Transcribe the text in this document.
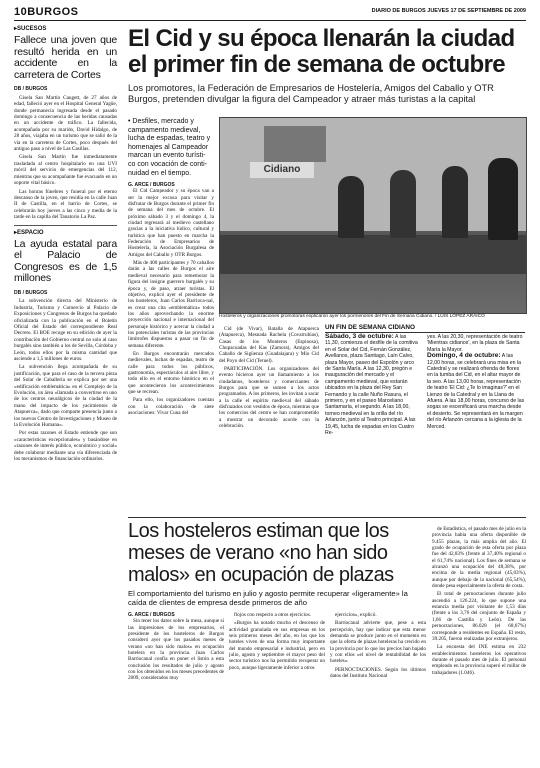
10BURGOS	DIARIO DE BURGOS JUEVES 17 DE SEPTIEMBRE DE 2009
▸ SUCESOS
Fallece una joven que resultó herida en un accidente en la carretera de Cortes
DB / BURGOS

Gisela San Martín Caugett, de 27 años de edad, falleció ayer en el Hospital General Yagüe, donde permanecía ingresada desde el pasado domingo a consecuencia de las heridas causadas en un accidente de tráfico. La fallecida, acompañada por su marido, David Hidalgo, de 28 años, viajaba en un turismo que se salió de la vía en la carretera de Cortes, poco después del antiguo paso a nivel de Las Casillas.

Gisela San Martín fue inmediatamente trasladada al centro hospitalario en una UVI móvil del servicio de emergencias del 112, mientras que su acompañante fue evacuado en un soporte vital básico.

Las honras fúnebres y funeral por el eterno descanso de la joven, que residía en la calle Juan II de Castilla, en el barrio de Cortes, se celebrarán hoy jueves a las cinco y media de la tarde en la capilla del Tanatorio La Paz.

▸ ESPACIO
La ayuda estatal para el Palacio de Congresos es de 1,5 millones
DB / BURGOS

La subvención directa del Ministerio de Industria, Turismo y Comercio al Palacio de Exposiciones y Congresos de Burgos ha quedado oficializada con la publicación en el Boletín Oficial del Estado del correspondiente Real Decreto. El BOE recoge en su edición de ayer la contribución del Gobierno central no solo al caso burgalés sino también a los de Sevilla, Córdoba y León, todos ellos por la misma cantidad que asciende a 1,5 millones de euros.

La subvención llega acompañada de su justificación, que para el caso de la tercera pieza del Solar de Caballería se explica por ser una «edificación emblemática» en el Complejo de la Evolución, un área «llamada a convertirse en uno de los centros neurálgicos de la ciudad de la mano del impacto de los yacimientos de Atapuerca», dado que comparte presencia junto a los nuevos Centro de Investigaciones y Museo de la Evolución Humana».

Por estas razones el Estado entiende que son «características excepcionales» y basándose en «razones de interés público, económico y social» debe colaborar mediante una vía diferenciada de los mecanismos de financiación ordinarios.

El Cid y su época llenarán la ciudad el primer fin de semana de octubre
Los promotores, la Federación de Empresarios de Hostelería, Amigos del Caballo y OTR Burgos, pretenden divulgar la figura del Campeador y atraer más turistas a la capital
• Desfiles, mercado y
campamento medieval,
lucha de espadas, teatro y
homenajes al Campeador
marcan un evento turísti-
co con vocación de conti-
nuidad en el tiempo.
G. ARCE / BURGOS

El Cid Campeador y su época van a ser la mejor excusa para visitar y disfrutar de Burgos durante el primer fin de semana del mes de octubre. El próximo sábado 3 y el domingo 4, la ciudad regresará al medievo castellano gracias a la iniciativa lúdico, cultural y turística que han puesto en marcha la Federación de Empresarios de Hostelería, la Asociación Burgalesa de Amigos del Caballo y OTR Burgos.

Más de 400 participantes y 70 caballos darán a las calles de Burgos el aire medieval necesario para rememorar la figura del insigne guerrero burgalés y su época y, de paso, atraer turistas. El objetivo, explicó ayer el presidente de los hosteleros, Juan Carlos Barrioca-nal, es crear una cita «emblemática» todos los años aprovechando la enorme proyección nacional e internacional del personaje histórico y acercar la ciudad a los potenciales turistas de las provincias limítrofes dispuestos a pasar un fin de semana diferente.

En Burgos encontrarán mercados medievales, luchas de espadas, teatro de calle para todos los públicos, gastronomía, espectáculos al aire libre, y todo ello en el entorno histórico en el que acontecieron los acontecimientos que se recrean.

Para ello, los organizadores cuentan con la colaboración de siete asociaciones: Vivar Cuna del

Cidiano
Hosteleros y organizaciones promotoras explicaron ayer los pormenores del Fin de Semana Cidiano. / LUIS LÓPEZ ARAICO

Cid (de Vivar), Batalla de Atapuerca (Atapuerca), Mesnada Rachela (Covarrubias), Casas de los Monteros (Espinosa), Chupacuadas del Kas (Zamora), Amigos del Caballo de Sigüenza (Guadalajara) y Mio Cid del Poyo del Cid (Teruel).

PARTICIPACIÓN. Los organizadores del evento hicieron ayer un llamamiento a los ciudadanos, hosteleros y comerciantes de Burgos para que se sumen a los actos programados. A los primeros, les invitan a sacar a la calle el espíritu medieval del sábado disfrazados con vestidos de época, mientras que los comercios del centro se han comprometido a mostrar un decorado acorde con la celebración.

UN FIN DE SEMANA CIDIANO
Sábado, 3 de octubre: A las 11,30, comienza el desfile de la comitiva en el Solar del Cid, Fernán González, Avellanos, plaza Santiago, Laín Calvo, plaza Mayor, paseo del Espolón y arco de Santa María. A las 12,30, pregón e inauguración del mercado y el campamento medieval, que estarán ubicados en la plaza del Rey San Fernando y la calle Nuño Rasura, el primero, y en el paseo Marceliano Santamaría, el segundo. A las 18,00, torneo medieval en la orilla del río Arlanzón, junto al Teatro principal. A las 19,45, lucha de espadas en los Cuatro Re-
yes. A las 20,30, representación de teatro 'Mientras cidianos', en la plaza de Santa María la Mayor.
Domingo, 4 de octubre: A las 12,00 horas, se celebrará una misa en la Catedral y se realizará ofrenda de flores en la tumba del Cid, en el altar mayor de la seo. A las 13,00 horas, representación de teatro 'El Cid: ¿Te lo imaginas?' en el Lienzo de la Catedral y en la Llana de Afuera. A las 18,00 horas, concurso de las sogas se escenificará una marcha desde el desierto. Se representará en la margen del río Arlanzón cercana a la iglesia de la Merced.
Los hosteleros estiman que los meses de verano «no han sido malos» en ocupación de plazas
El comportamiento del turismo en julio y agosto permite recuperar «ligeramente» la caída de clientes de empresa desde primeros de año
G. ARCE / BURGOS

Sin tener los datos sobre la mesa, aunque sí las impresiones de los empresarios, el presidente de los hosteleros de Burgos consideró ayer que los pasados meses de verano «no han sido malos» en ocupación hotelera en la provincia. Juan Carlos Barriocanal confía en poner el listón a esta conclusión los resultados de julio y agosto con los obtenidos en los meses precedentes de 2009, considerados muy

flojos con respecto a otros ejercicios.

«Burgos ha notado mucho el descenso de actividad granulada en sus empresas en los seis primeros meses del año, en los que los hoteles viven de una forma muy importante del mundo empresarial e industrial, pero en julio, agosto y septiembre el mayor peso del sector turístico nos ha permitido recuperar un poco, aunque ligeramente inferior a otros

ejercicios», explicó.

Barriocanal advierte que, pese a esta percepción, hay que indicar que esta menor demanda se produce junto en el momento en que la oferta de plazas hoteleras ha crecido en la provincia por lo que los precios han bajado y con ellos «el nivel de rentabilidad de los hoteles».

PERNOCTACIONES. Según los últimos datos del Instituto Nacional

de Estadística, el pasado mes de julio en la provincia había una oferta disponible de 9.455 plazas, la más amplia del año. El grado de ocupación de esta oferta por plaza fue del 42,83% (frente al 37,40% regional o el 61,74% nacional). Los fines de semana se alcanzó una ocupación del 48,38%, por encima de la media regional (45,03%), aunque por debajo de la nacional (65,54%), donde pesa especialmente la oferta de costa.

El total de pernoctaciones durante julio ascendió a 126.224, lo que supone una estancia media por visitante de 1,53 días (frente a los 3,76 del conjunto de España y 1,66 de Castilla y León). De las pernoctaciones, 86.028 (el 68,67%) corresponde a residentes en España. El resto, 39.205, fueron realizadas por extranjeros.

La encuesta del INE estima en 232 establecimientos hosteleros los operativos durante el pasado mes de julio. El personal empleado en la provincia superó el millar de trabajadores (1.046).
